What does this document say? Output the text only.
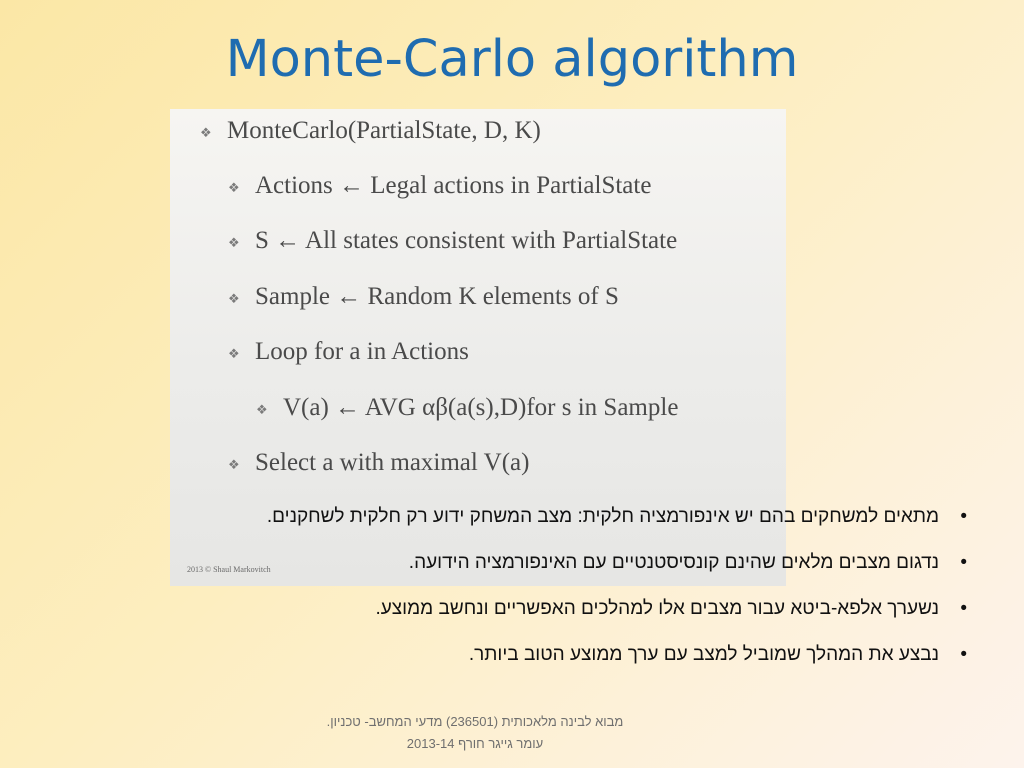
Monte-Carlo algorithm
❖ MonteCarlo(PartialState, D, K)
❖ Actions ← Legal actions in PartialState
❖ S ← All states consistent with PartialState
❖ Sample ← Random K elements of S
❖ Loop for a in Actions
❖ V(a) ← AVG αβ(a(s),D)for s in Sample
❖ Select a with maximal V(a)
2013 © Shaul Markovitch
•
מתאים למשחקים בהם יש אינפורמציה חלקית: מצב המשחק ידוע רק חלקית לשחקנים.
•
נדגום מצבים מלאים שהינם קונסיסטנטיים עם האינפורמציה הידועה.
•
נשערך אלפא-ביטא עבור מצבים אלו למהלכים האפשריים ונחשב ממוצע.
•
נבצע את המהלך שמוביל למצב עם ערך ממוצע הטוב ביותר.
מבוא לבינה מלאכותית (236501) מדעי המחשב- טכניון.
עומר גייגר חורף 2013-14
